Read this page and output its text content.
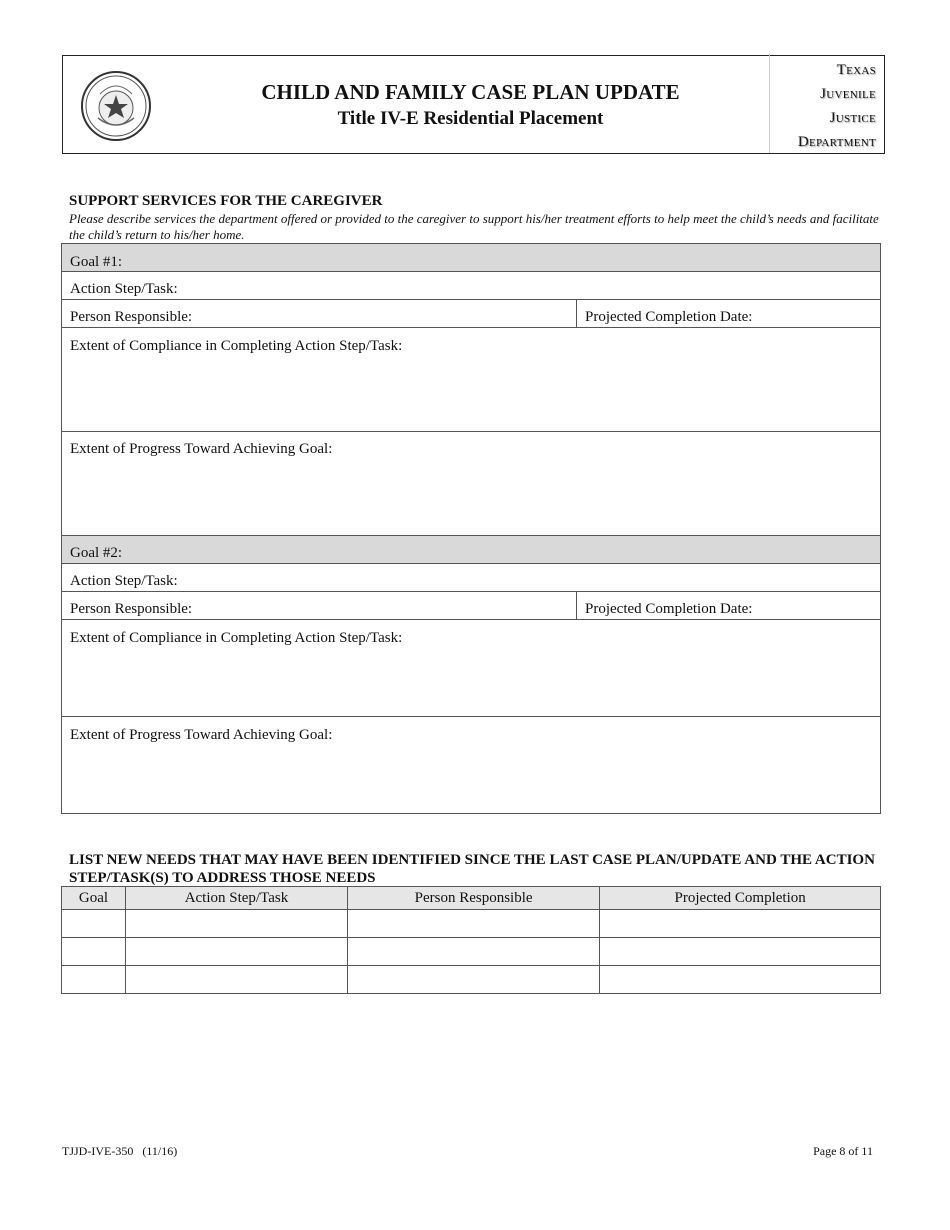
CHILD AND FAMILY CASE PLAN UPDATE
Title IV-E Residential Placement
Texas
Juvenile
Justice
Department
SUPPORT SERVICES FOR THE CAREGIVER
Please describe services the department offered or provided to the caregiver to support his/her treatment efforts to help meet the child’s needs and facilitate the child’s return to his/her home.
Goal #1:
Action Step/Task:
Person Responsible:	Projected Completion Date:
Extent of Compliance in Completing Action Step/Task:
Extent of Progress Toward Achieving Goal:
Goal #2:
Action Step/Task:
Person Responsible:	Projected Completion Date:
Extent of Compliance in Completing Action Step/Task:
Extent of Progress Toward Achieving Goal:
LIST NEW NEEDS THAT MAY HAVE BEEN IDENTIFIED SINCE THE LAST CASE PLAN/UPDATE AND THE ACTION STEP/TASK(S) TO ADDRESS THOSE NEEDS
Goal	Action Step/Task	Person Responsible	Projected Completion

TJJD-IVE-350   (11/16)	Page 8 of 11
